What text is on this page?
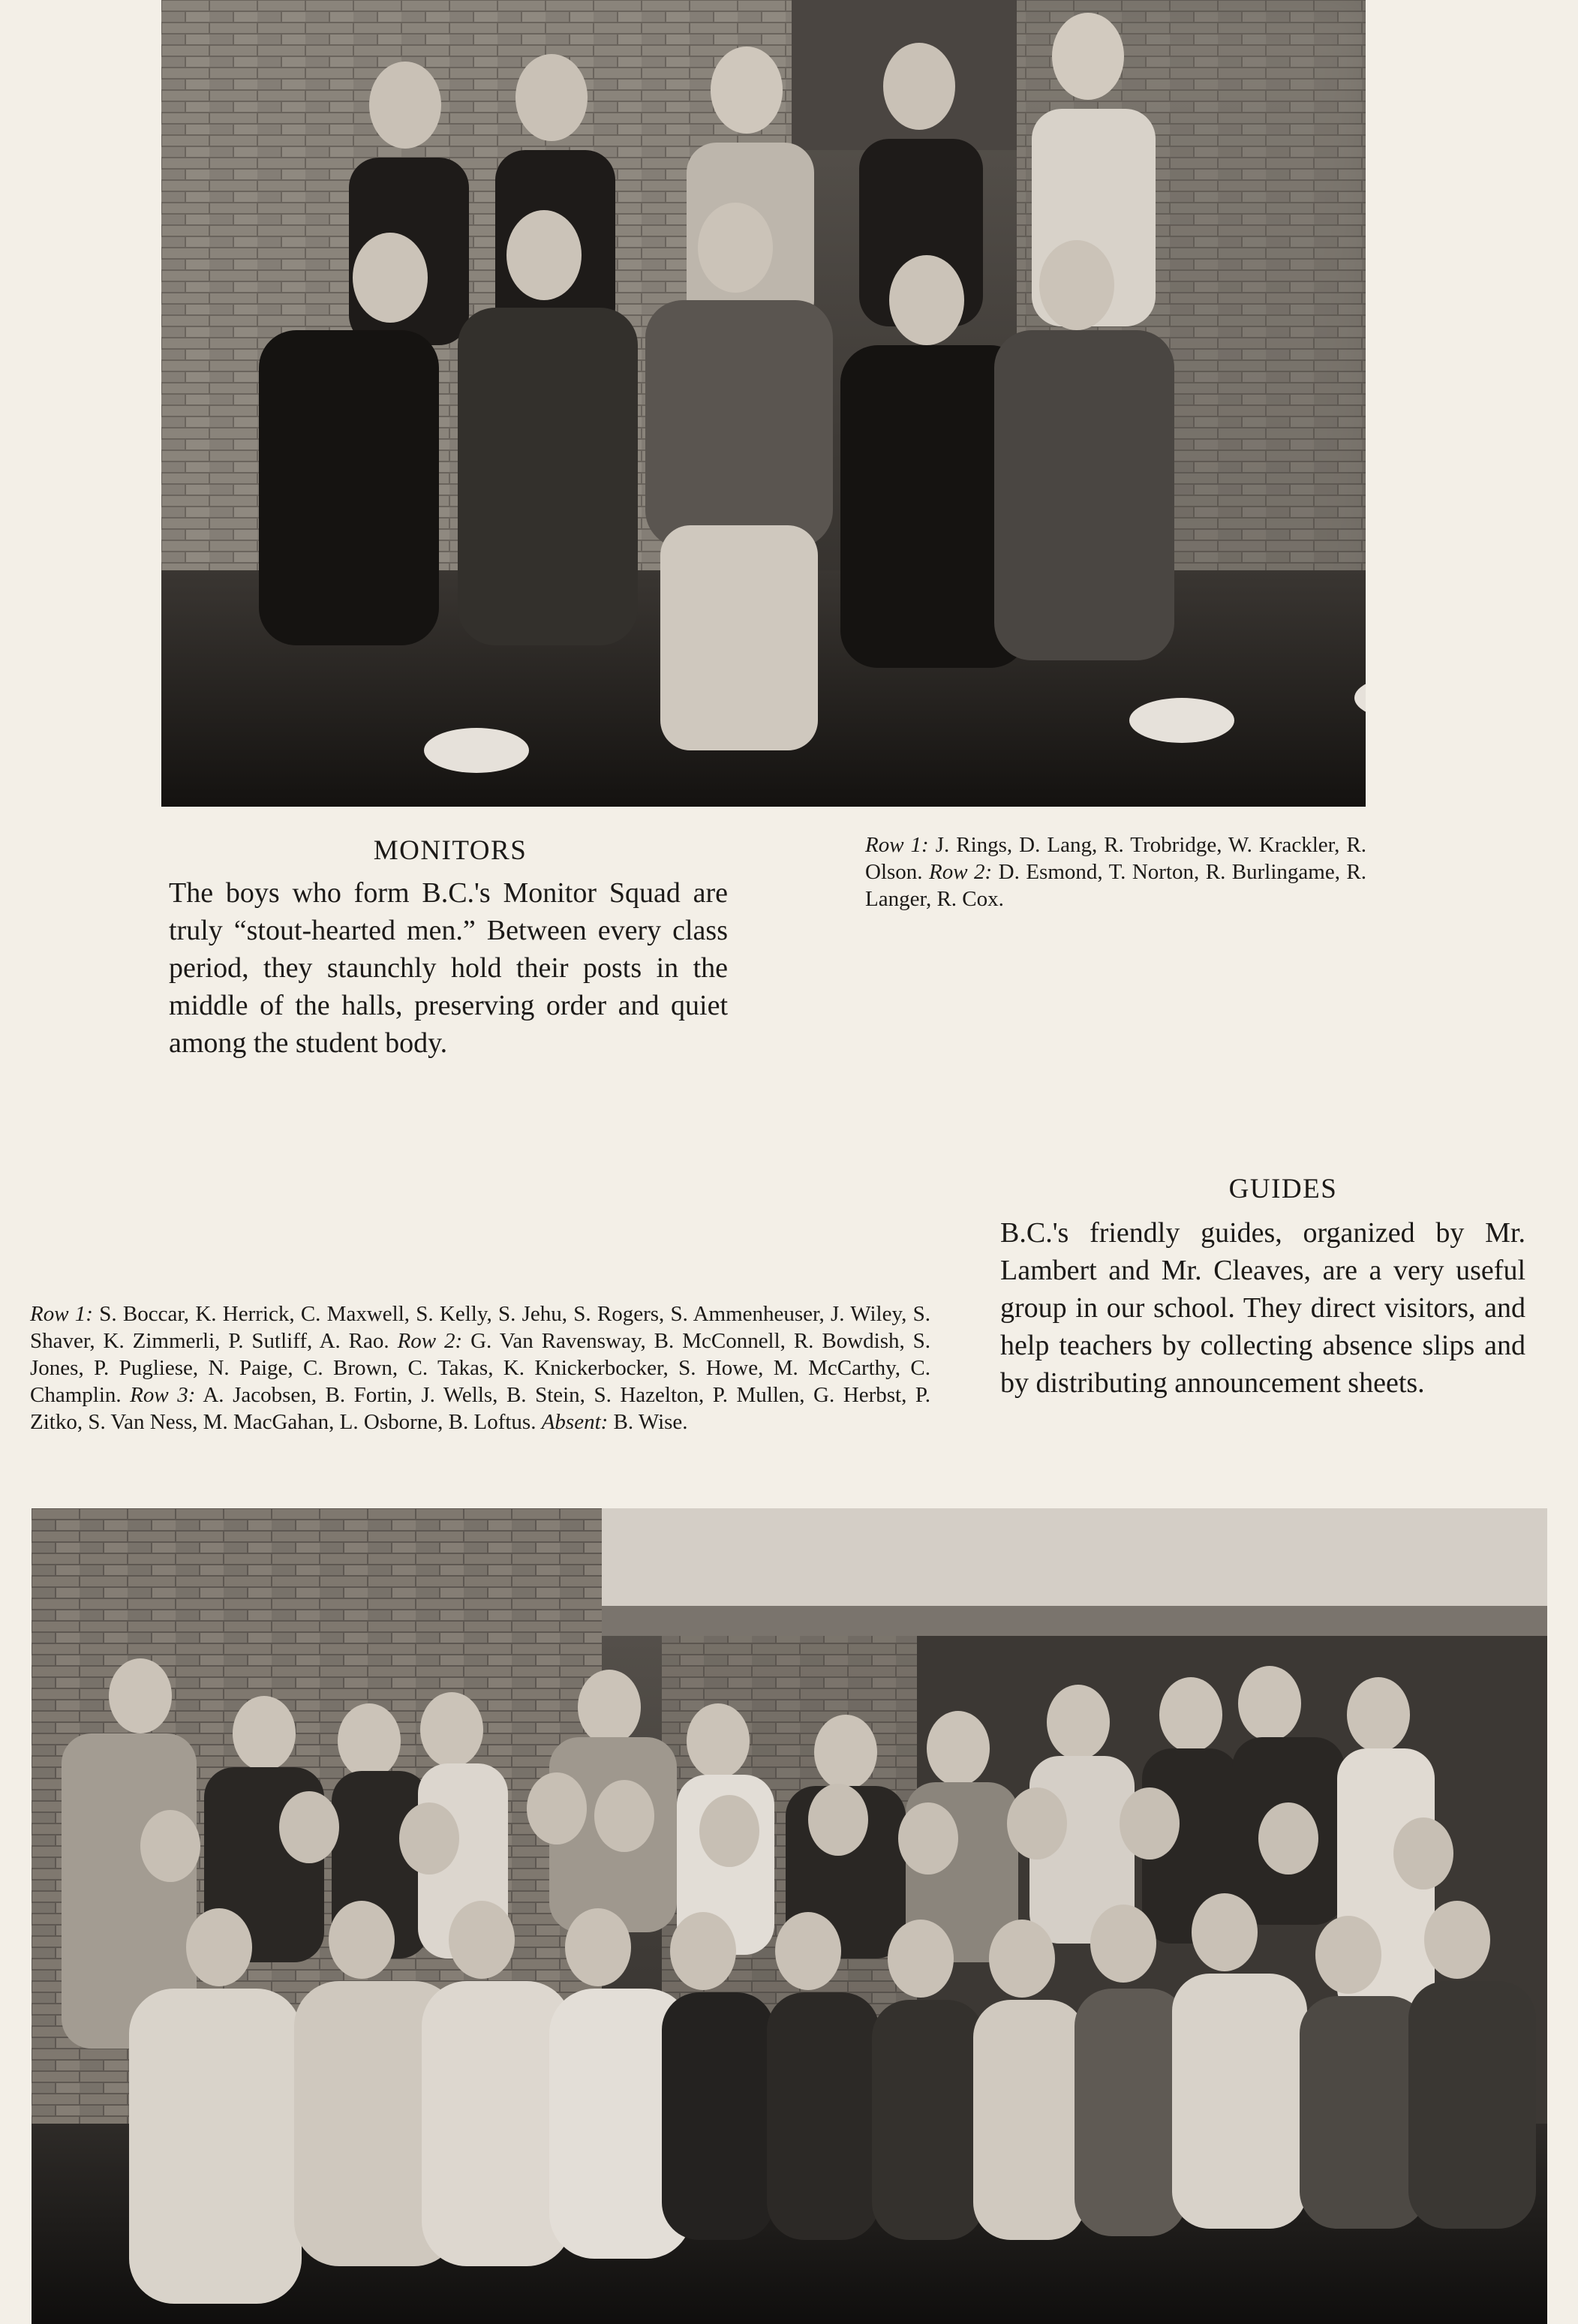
MONITORS
The boys who form B.C.'s Monitor Squad are truly “stout-hearted men.” Between every class period, they staunchly hold their posts in the middle of the halls, preserving order and quiet among the student body.
Row 1: J. Rings, D. Lang, R. Trobridge, W. Krackler, R. Olson. Row 2: D. Esmond, T. Norton, R. Burlingame, R. Langer, R. Cox.
GUIDES
B.C.'s friendly guides, organized by Mr. Lambert and Mr. Cleaves, are a very useful group in our school. They direct visitors, and help teachers by collecting absence slips and by distributing announcement sheets.
Row 1: S. Boccar, K. Herrick, C. Maxwell, S. Kelly, S. Jehu, S. Rogers, S. Ammenheuser, J. Wiley, S. Shaver, K. Zimmerli, P. Sutliff, A. Rao. Row 2: G. Van Ravensway, B. McConnell, R. Bowdish, S. Jones, P. Pugliese, N. Paige, C. Brown, C. Takas, K. Knickerbocker, S. Howe, M. McCarthy, C. Champlin. Row 3: A. Jacobsen, B. Fortin, J. Wells, B. Stein, S. Hazelton, P. Mullen, G. Herbst, P. Zitko, S. Van Ness, M. MacGahan, L. Osborne, B. Loftus. Absent: B. Wise.
